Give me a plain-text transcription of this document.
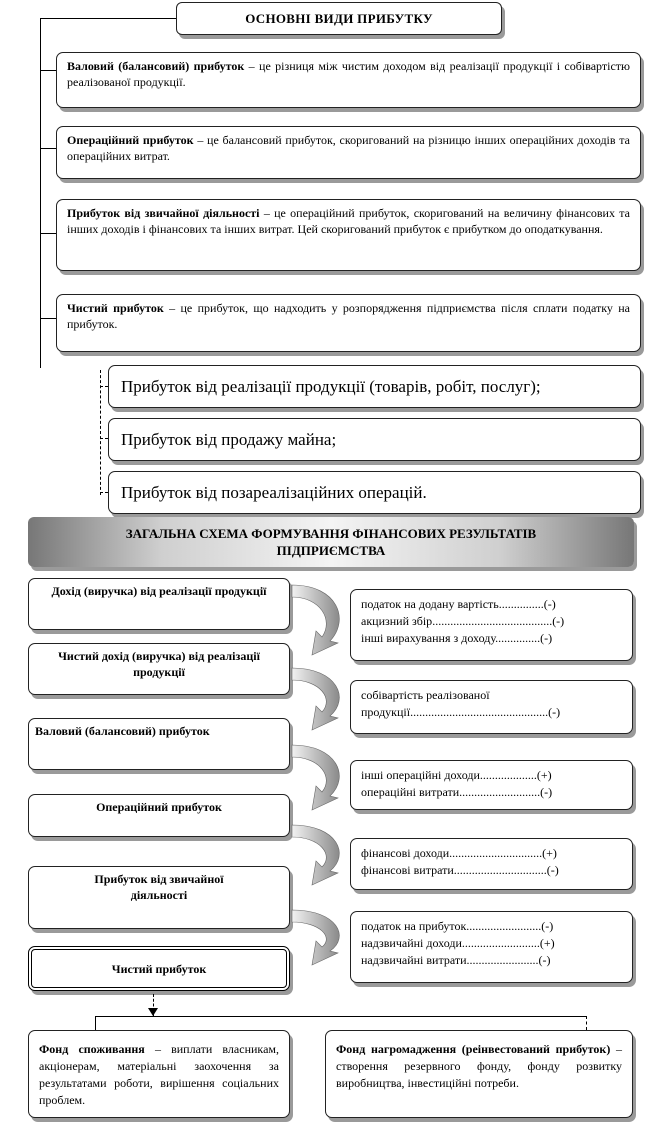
ОСНОВНІ ВИДИ ПРИБУТКУ
Валовий (балансовий) прибуток – це різниця між чистим доходом від реалізації продукції і собівартістю реалізованої продукції.
Операційний прибуток – це балансовий прибуток, скоригований на різницю інших операційних доходів та операційних витрат.
Прибуток від звичайної діяльності – це операційний прибуток, скоригований на величину фінансових та інших доходів і фінансових та інших витрат. Цей скоригований прибуток є прибутком до оподаткування.
Чистий прибуток – це прибуток, що надходить у розпорядження підприємства після сплати податку на прибуток.
Прибуток від реалізації продукції (товарів, робіт, послуг);
Прибуток від продажу майна;
Прибуток від позареалізаційних операцій.
ЗАГАЛЬНА СХЕМА ФОРМУВАННЯ ФІНАНСОВИХ РЕЗУЛЬТАТІВ ПІДПРИЄМСТВА
Дохід (виручка) від реалізації продукції
Чистий дохід (виручка) від реалізації продукції
Валовий (балансовий) прибуток
Операційний прибуток
Прибуток від звичайної діяльності
Чистий прибуток
податок на додану вартість...............(-)
акцизний збір........................................(-)
інші вирахування з доходу...............(-)
собівартість реалізованої
продукції..............................................(-)
інші операційні доходи...................(+)
операційні витрати...........................(-)
фінансові доходи...............................(+)
фінансові витрати...............................(-)
податок на прибуток.........................(-)
надзвичайні доходи..........................(+)
надзвичайні витрати........................(-)
Фонд споживання – виплати власникам, акціонерам, матеріальні заохочення за результатами роботи, вирішення соціальних проблем.
Фонд нагромадження (реінвестований прибуток) – створення резервного фонду, фонду розвитку виробництва, інвестиційні потреби.
